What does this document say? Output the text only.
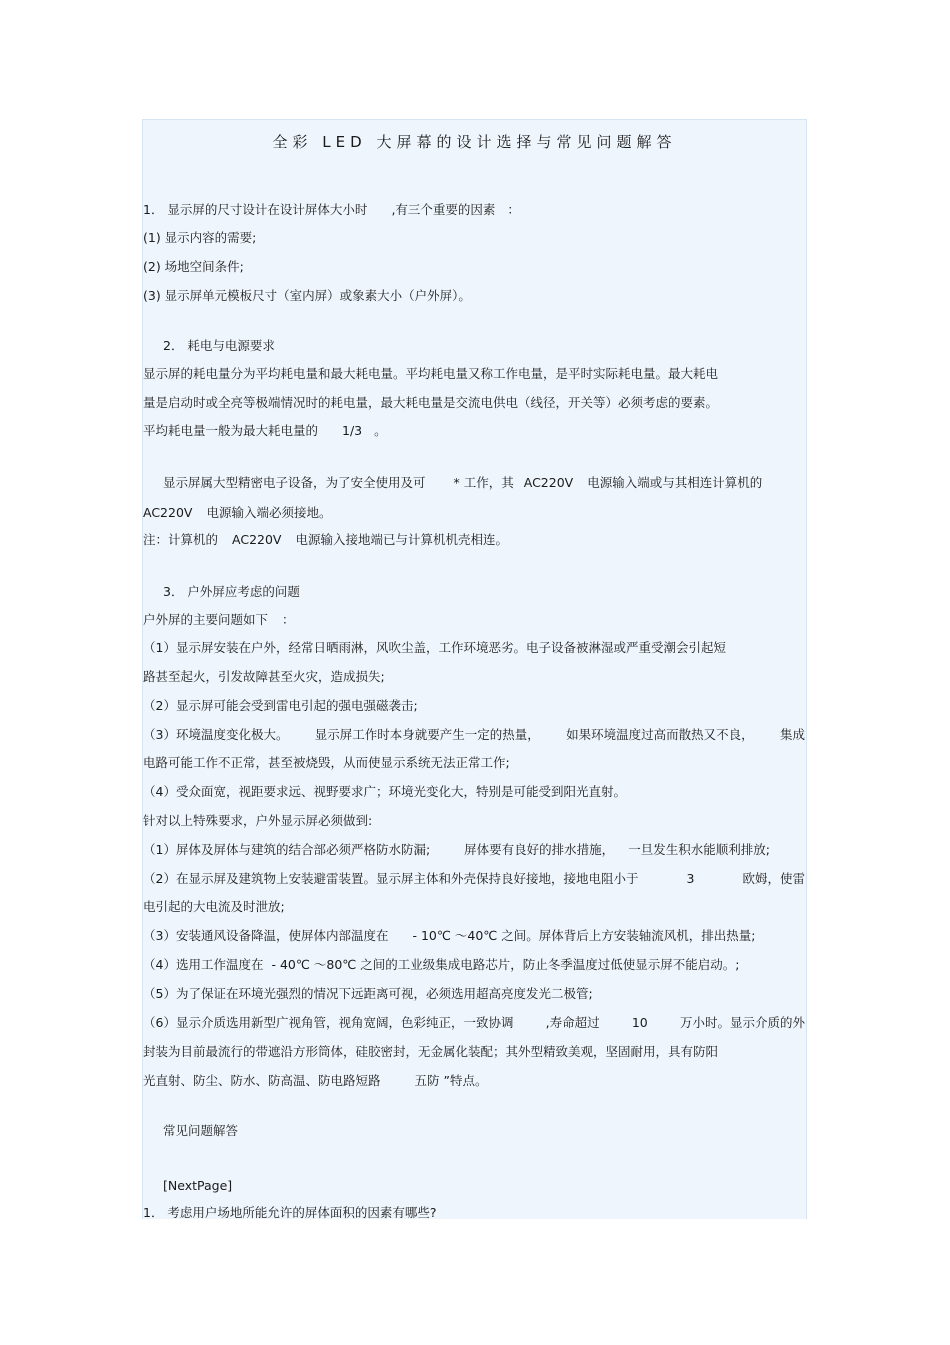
全彩 LED 大屏幕的设计选择与常见问题解答
1． 显示屏的尺寸设计在设计屏体大小时 ,有三个重要的因素 ：
(1) 显示内容的需要;
(2) 场地空间条件;
(3) 显示屏单元模板尺寸（室内屏）或象素大小（户外屏）。
2． 耗电与电源要求
显示屏的耗电量分为平均耗电量和最大耗电量。平均耗电量又称工作电量，是平时实际耗电量。最大耗电
量是启动时或全亮等极端情况时的耗电量，最大耗电量是交流电供电（线径，开关等）必须考虑的要素。
平均耗电量一般为最大耗电量的 1/3 。
显示屏属大型精密电子设备，为了安全使用及可 * 工作，其 AC220V 电源输入端或与其相连计算机的
AC220V 电源输入端必须接地。
注：计算机的 AC220V 电源输入接地端已与计算机机壳相连。
3． 户外屏应考虑的问题
户外屏的主要问题如下 ：
（1）显示屏安装在户外，经常日晒雨淋，风吹尘盖，工作环境恶劣。电子设备被淋湿或严重受潮会引起短
路甚至起火，引发故障甚至火灾，造成损失;
（2）显示屏可能会受到雷电引起的强电强磁袭击;
（3）环境温度变化极大。 显示屏工作时本身就要产生一定的热量， 如果环境温度过高而散热又不良， 集成
电路可能工作不正常，甚至被烧毁，从而使显示系统无法正常工作;
（4）受众面宽，视距要求远、视野要求广；环境光变化大，特别是可能受到阳光直射。
针对以上特殊要求，户外显示屏必须做到:
（1）屏体及屏体与建筑的结合部必须严格防水防漏;	屏体要有良好的排水措施， 一旦发生积水能顺利排放;
（2）在显示屏及建筑物上安装避雷装置。显示屏主体和外壳保持良好接地，接地电阻小于	3	欧姆，使雷
电引起的大电流及时泄放;
（3）安装通风设备降温，使屏体内部温度在 - 10℃ ～40℃ 之间。屏体背后上方安装轴流风机，排出热量;
（4）选用工作温度在 - 40℃ ～80℃ 之间的工业级集成电路芯片，防止冬季温度过低使显示屏不能启动。;
（5）为了保证在环境光强烈的情况下远距离可视，必须选用超高亮度发光二极管;
（6）显示介质选用新型广视角管，视角宽阔，色彩纯正，一致协调	,寿命超过	10	万小时。显示介质的外
封装为目前最流行的带遮沿方形筒体，硅胶密封，无金属化装配；其外型精致美观，坚固耐用，具有防阳
光直射、防尘、防水、防高温、防电路短路	五防 ”特点。
常见问题解答
[NextPage]
1． 考虑用户场地所能允许的屏体面积的因素有哪些?
